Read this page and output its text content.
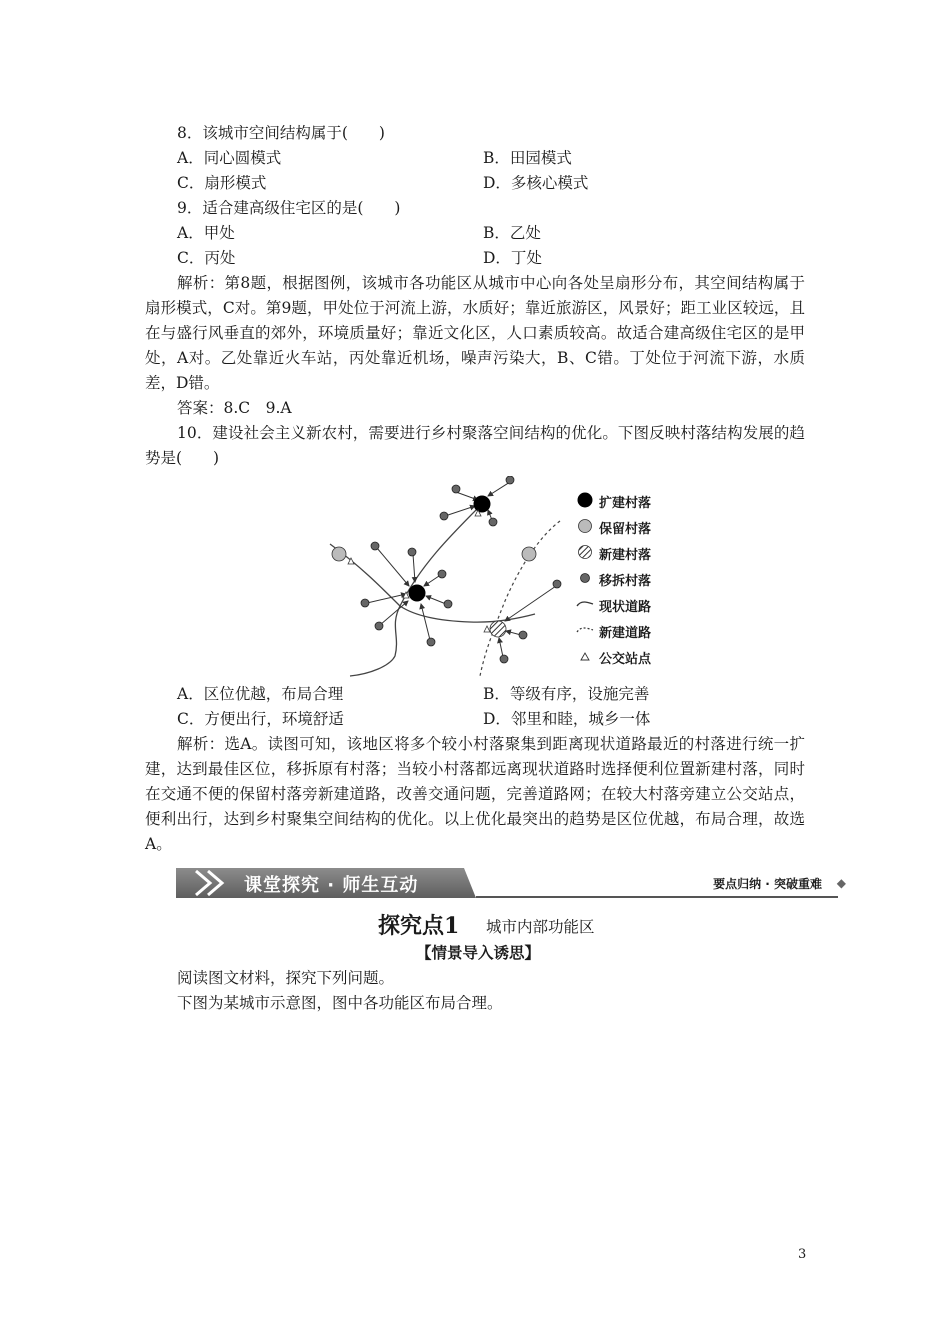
8．该城市空间结构属于(　　)
A．同心圆模式	B．田园模式
C．扇形模式	D．多核心模式
9．适合建高级住宅区的是(　　)
A．甲处	B．乙处
C．丙处	D．丁处
解析：第8题，根据图例，该城市各功能区从城市中心向各处呈扇形分布，其空间结构属于扇形模式，C对。第9题，甲处位于河流上游，水质好；靠近旅游区，风景好；距工业区较远，且在与盛行风垂直的郊外，环境质量好；靠近文化区，人口素质较高。故适合建高级住宅区的是甲处，A对。乙处靠近火车站，丙处靠近机场，噪声污染大，B、C错。丁处位于河流下游，水质差，D错。
答案：8.C　9.A
10．建设社会主义新农村，需要进行乡村聚落空间结构的优化。下图反映村落结构发展的趋势是(　　)
扩建村落
保留村落
新建村落
移拆村落
现状道路
新建道路
公交站点
A．区位优越，布局合理	B．等级有序，设施完善
C．方便出行，环境舒适	D．邻里和睦，城乡一体
解析：选A。读图可知，该地区将多个较小村落聚集到距离现状道路最近的村落进行统一扩建，达到最佳区位，移拆原有村落；当较小村落都远离现状道路时选择便利位置新建村落，同时在交通不便的保留村落旁新建道路，改善交通问题，完善道路网；在较大村落旁建立公交站点，便利出行，达到乡村聚集空间结构的优化。以上优化最突出的趋势是区位优越，布局合理，故选A。
课堂探究 · 师生互动	要点归纳 · 突破重难 ◆
探究点1 城市内部功能区
【情景导入诱思】
阅读图文材料，探究下列问题。
下图为某城市示意图，图中各功能区布局合理。
3
